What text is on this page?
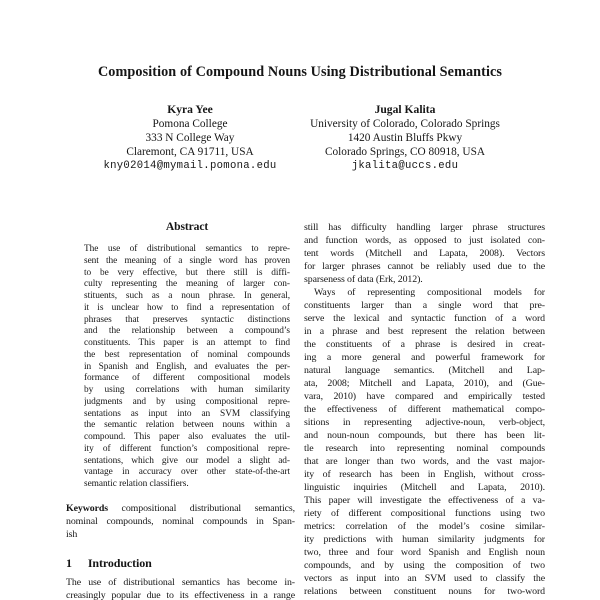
Composition of Compound Nouns Using Distributional Semantics
Kyra Yee
Pomona College
333 N College Way
Claremont, CA 91711, USA
kny02014@mymail.pomona.edu
Jugal Kalita
University of Colorado, Colorado Springs
1420 Austin Bluffs Pkwy
Colorado Springs, CO 80918, USA
jkalita@uccs.edu
Abstract
The use of distributional semantics to repre-
sent the meaning of a single word has proven
to be very effective, but there still is diffi-
culty representing the meaning of larger con-
stituents, such as a noun phrase. In general,
it is unclear how to find a representation of
phrases that preserves syntactic distinctions
and the relationship between a compound’s
constituents. This paper is an attempt to find
the best representation of nominal compounds
in Spanish and English, and evaluates the per-
formance of different compositional models
by using correlations with human similarity
judgments and by using compositional repre-
sentations as input into an SVM classifying
the semantic relation between nouns within a
compound. This paper also evaluates the util-
ity of different function’s compositional repre-
sentations, which give our model a slight ad-
vantage in accuracy over other state-of-the-art
semantic relation classifiers.
Keywords compositional distributional semantics,
nominal compounds, nominal compounds in Span-
ish
1 Introduction
The use of distributional semantics has become in-
creasingly popular due to its effectiveness in a range
still has difficulty handling larger phrase structures
and function words, as opposed to just isolated con-
tent words (Mitchell and Lapata, 2008). Vectors
for larger phrases cannot be reliably used due to the
sparseness of data (Erk, 2012).
Ways of representing compositional models for
constituents larger than a single word that pre-
serve the lexical and syntactic function of a word
in a phrase and best represent the relation between
the constituents of a phrase is desired in creat-
ing a more general and powerful framework for
natural language semantics. (Mitchell and Lap-
ata, 2008; Mitchell and Lapata, 2010), and (Gue-
vara, 2010) have compared and empirically tested
the effectiveness of different mathematical compo-
sitions in representing adjective-noun, verb-object,
and noun-noun compounds, but there has been lit-
tle research into representing nominal compounds
that are longer than two words, and the vast major-
ity of research has been in English, without cross-
linguistic inquiries (Mitchell and Lapata, 2010).
This paper will investigate the effectiveness of a va-
riety of different compositional functions using two
metrics: correlation of the model’s cosine similar-
ity predictions with human similarity judgments for
two, three and four word Spanish and English noun
compounds, and by using the composition of two
vectors as input into an SVM used to classify the
relations between constituent nouns for two-word
